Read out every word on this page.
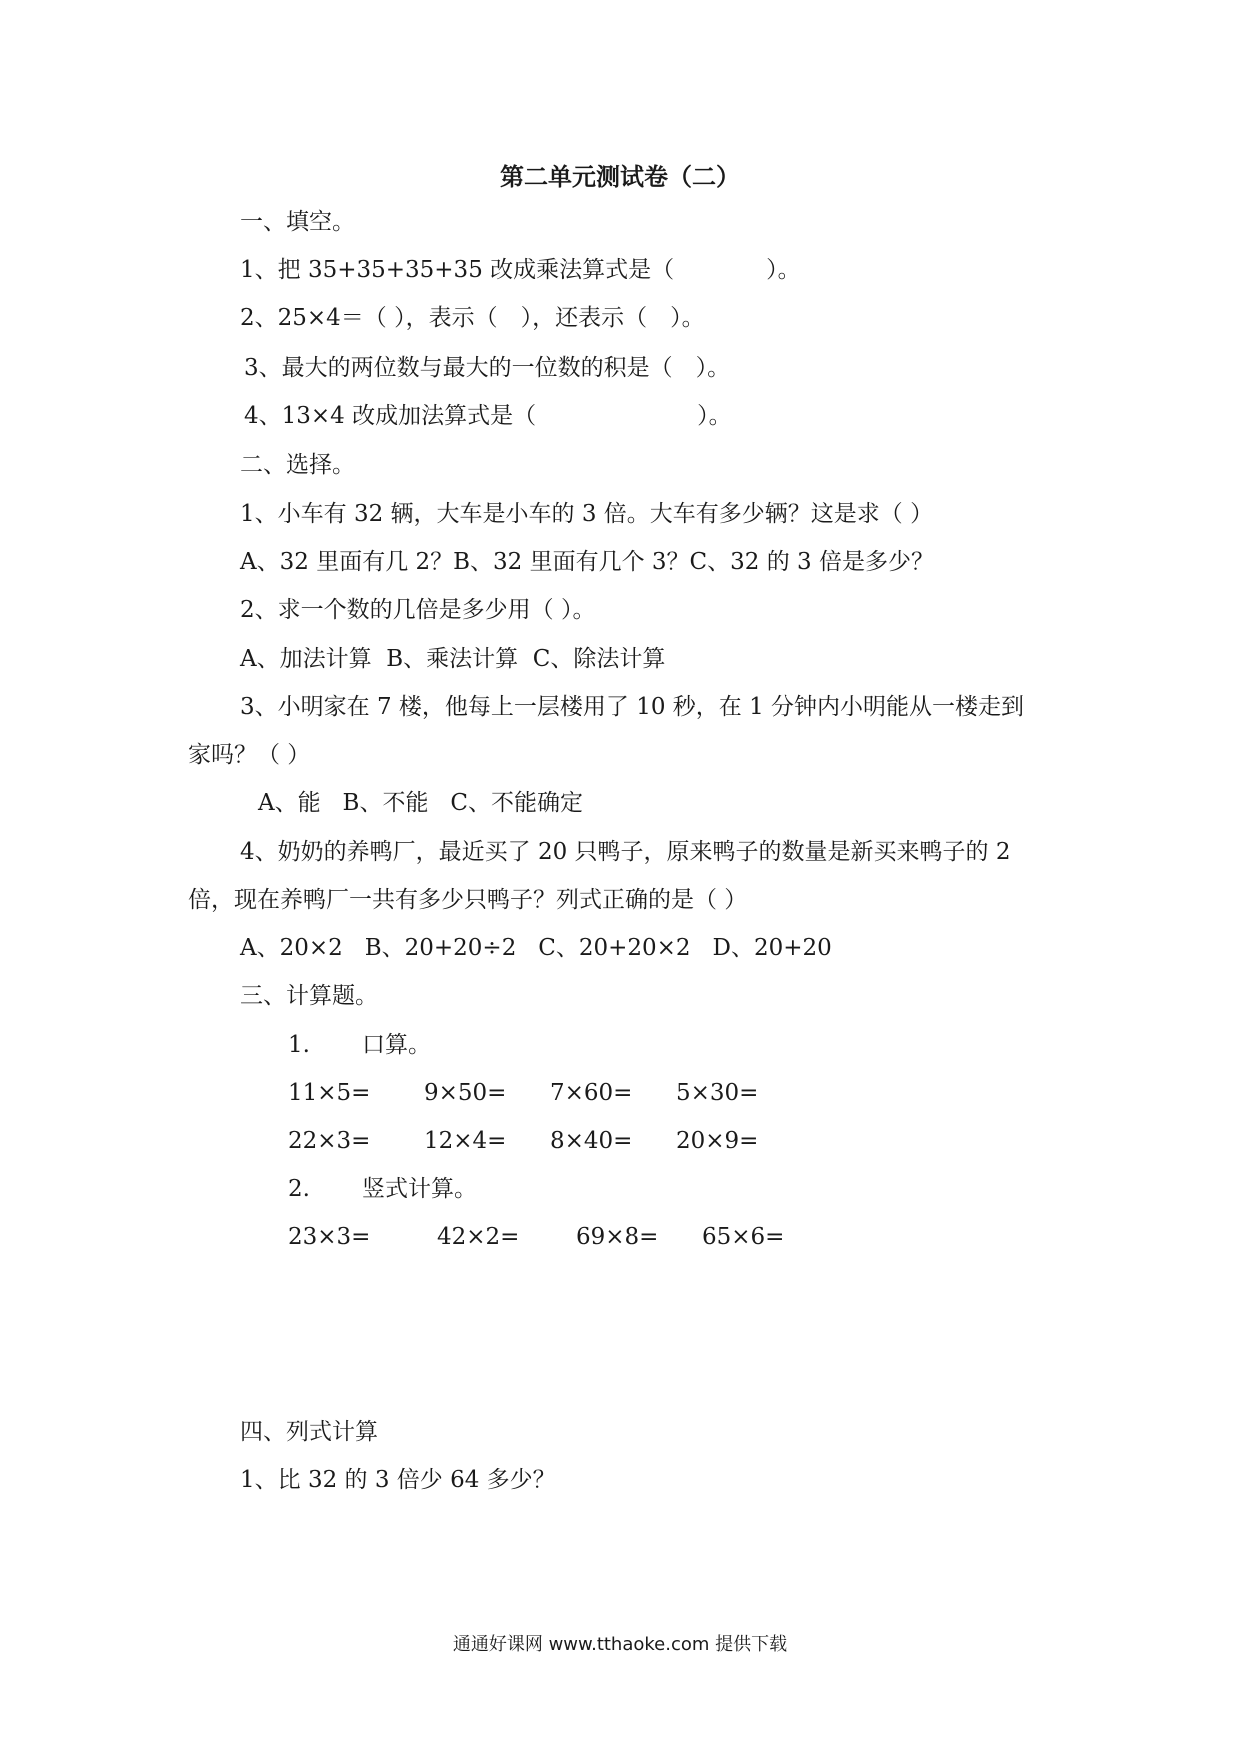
第二单元测试卷（二）
一、填空。
1、把 35+35+35+35 改成乘法算式是（　　　　）。
2、25×4＝（ ），表示（　），还表示（　）。
3、最大的两位数与最大的一位数的积是（　）。
4、13×4 改成加法算式是（　　　　　　　）。
二、选择。
1、小车有 32 辆，大车是小车的 3 倍。大车有多少辆？这是求（ ）
A、32 里面有几 2？B、32 里面有几个 3？C、32 的 3 倍是多少？
2、求一个数的几倍是多少用（ ）。
A、加法计算  B、乘法计算  C、除法计算
3、小明家在 7 楼，他每上一层楼用了 10 秒，在 1 分钟内小明能从一楼走到
家吗？（ ）
A、能   B、不能   C、不能确定
4、奶奶的养鸭厂，最近买了 20 只鸭子，原来鸭子的数量是新买来鸭子的 2
倍，现在养鸭厂一共有多少只鸭子？列式正确的是（ ）
A、20×2   B、20+20÷2   C、20+20×2   D、20+20
三、计算题。
1. 口算。
11×5= 9×50= 7×60= 5×30=
22×3= 12×4= 8×40= 20×9=
2. 竖式计算。
23×3=	42×2= 69×8= 65×6=
四、列式计算
1、比 32 的 3 倍少 64 多少？
通通好课网 www.tthaoke.com 提供下载
